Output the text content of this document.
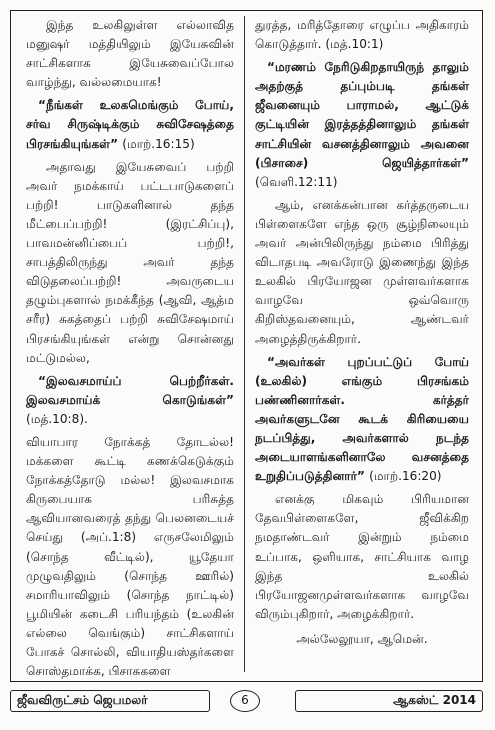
இந்த உலகிலுள்ள எல்லாவித மனுஷர் மத்தியிலும் இயேசுவின் சாட்சிகளாக இயேசுவைப்போல வாழ்ந்து, வல்லமையாக!

“நீங்கள் உலகமெங்கும் போய், சர்வ சிருஷ்டிக்கும் சுவிசேஷத்தை பிரசங்கியுங்கள்” (மாற்.16:15)

அதாவது இயேசுவைப் பற்றி அவர் நமக்காய் பட்டபாடுகளைப் பற்றி! பாடுகளினால் தந்த மீட்பைப்பற்றி! (இரட்சிப்பு), பாவமன்னிப்பைப் பற்றி!, சாபத்திலிருந்து அவர் தந்த விடுதலைப்பற்றி! அவருடைய தழும்புகளால் நமக்கீந்த (ஆவி, ஆத்ம சரீர) சுகத்தைப் பற்றி சுவிசேஷமாய் பிரசங்கியுங்கள் என்று சொன்னது மட்டுமல்ல,

“இலவசமாய்ப் பெற்றீர்கள். இலவசமாய்க் கொடுங்கள்” (மத்.10:8).

வியாபார நோக்கத் தோடல்ல! மக்களை கூட்டி கணக்கெடுக்கும் நோக்கத்தோடு மல்ல! இலவசமாக கிருபையாக பரிசுத்த ஆவியானவரைத் தந்து பெலனடையச் செய்து (அப்.1:8) எருசலேமிலும் (சொந்த வீட்டில்), யூதேயா முழுவதிலும் (சொந்த ஊரில்) சமாரியாவிலும் (சொந்த நாட்டில்) பூமியின் கடைசி பரியந்தம் (உலகின் எல்லை வெங்கும்) சாட்சிகளாய் போகச் சொல்லி, வியாதியஸ்தர்களை சொஸ்தமாக்க, பிசாசுகளை

துரத்த, மரித்தோரை எழுப்ப அதிகாரம் கொடுத்தார். (மத்.10:1)

“மரணம் நேரிடுகிறதாயிருந் தாலும் அதற்குத் தப்பும்படி தங்கள் ஜீவனையும் பாராமல், ஆட்டுக் குட்டியின் இரத்தத்தினாலும் தங்கள் சாட்சியின் வசனத்தினாலும் அவனை (பிசாசை) ஜெயித்தார்கள்” (வெளி.12:11)

ஆம், எனக்கன்பான கர்த்தருடைய பிள்ளைகளே எந்த ஒரு சூழ்நிலையும் அவர் அன்பிலிருந்து நம்மை பிரித்து விடாதபடி அவரோடு இணைந்து இந்த உலகில் பிரயோஜன முள்ளவர்களாக வாழவே ஒவ்வொரு கிறிஸ்தவனையும், ஆண்டவர் அழைத்திருக்கிறார்.

“அவர்கள் புறப்பட்டுப் போய் (உலகில்) எங்கும் பிரசங்கம் பண்ணினார்கள். கர்த்தர் அவர்களுடனே கூடக் கிரியையை நடப்பித்து, அவர்களால் நடந்த அடையாளங்களினாலே வசனத்தை உறுதிப்படுத்தினார்” (மாற்.16:20)

எனக்கு மிகவும் பிரியமான தேவபிள்ளைகளே, ஜீவிக்கிற நமதாண்டவர் இன்றும் நம்மை உப்பாக, ஒளியாக, சாட்சியாக வாழ இந்த உலகில் பிரயோஜனமுள்ளவர்களாக வாழவே விரும்புகிறார், அழைக்கிறார்.

அல்லேலூயா, ஆமென்.

ஜீவவிருட்சம் ஜெபமலர்	6	ஆகஸ்ட் 2014
